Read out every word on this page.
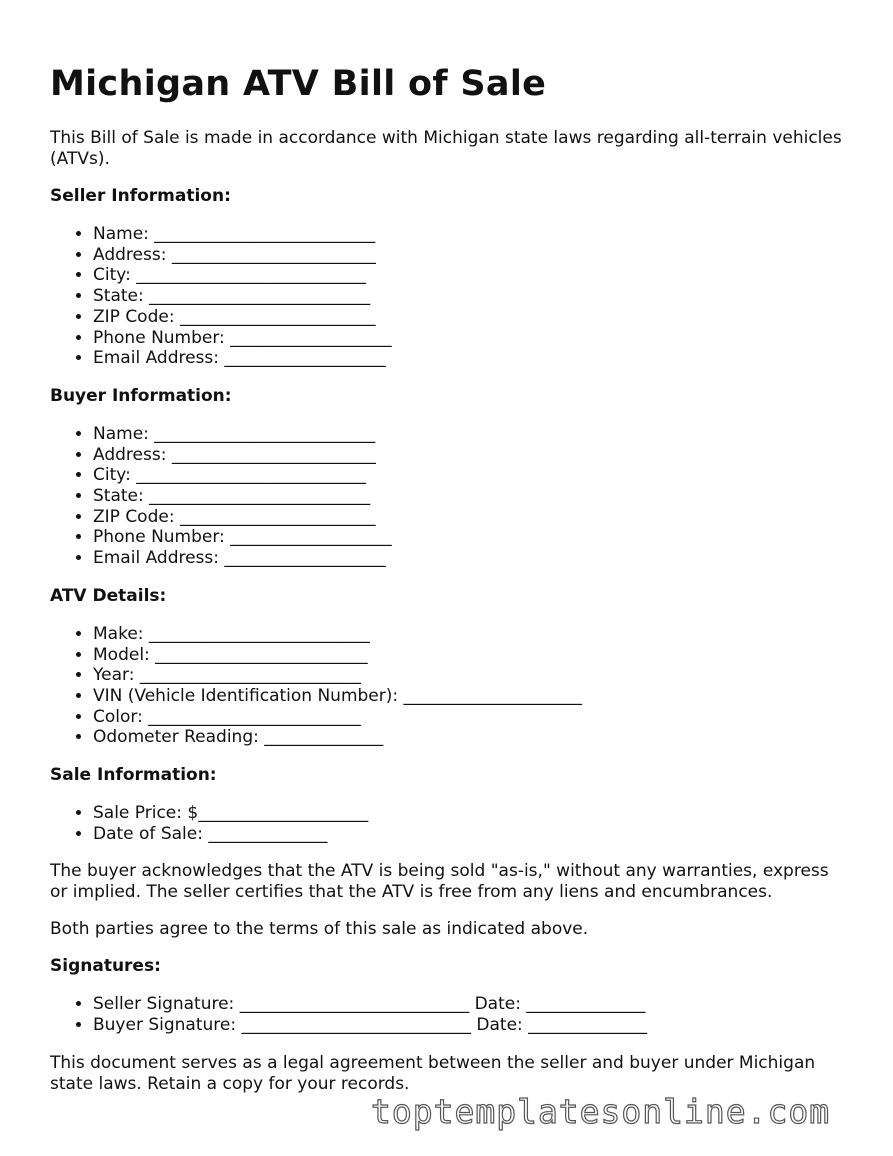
Michigan ATV Bill of Sale

This Bill of Sale is made in accordance with Michigan state laws regarding all-terrain vehicles (ATVs).

Seller Information:
• Name: __________________________
• Address: ________________________
• City: ___________________________
• State: __________________________
• ZIP Code: _______________________
• Phone Number: ___________________
• Email Address: ___________________
Buyer Information:
• Name: __________________________
• Address: ________________________
• City: ___________________________
• State: __________________________
• ZIP Code: _______________________
• Phone Number: ___________________
• Email Address: ___________________
ATV Details:
• Make: __________________________
• Model: _________________________
• Year: __________________________
• VIN (Vehicle Identification Number): _____________________
• Color: _________________________
• Odometer Reading: ______________
Sale Information:
• Sale Price: $____________________
• Date of Sale: ______________

The buyer acknowledges that the ATV is being sold "as-is," without any warranties, express or implied. The seller certifies that the ATV is free from any liens and encumbrances.

Both parties agree to the terms of this sale as indicated above.

Signatures:
• Seller Signature: ___________________________ Date: ______________
• Buyer Signature: ___________________________ Date: ______________

This document serves as a legal agreement between the seller and buyer under Michigan state laws. Retain a copy for your records.

toptemplatesonline.com
